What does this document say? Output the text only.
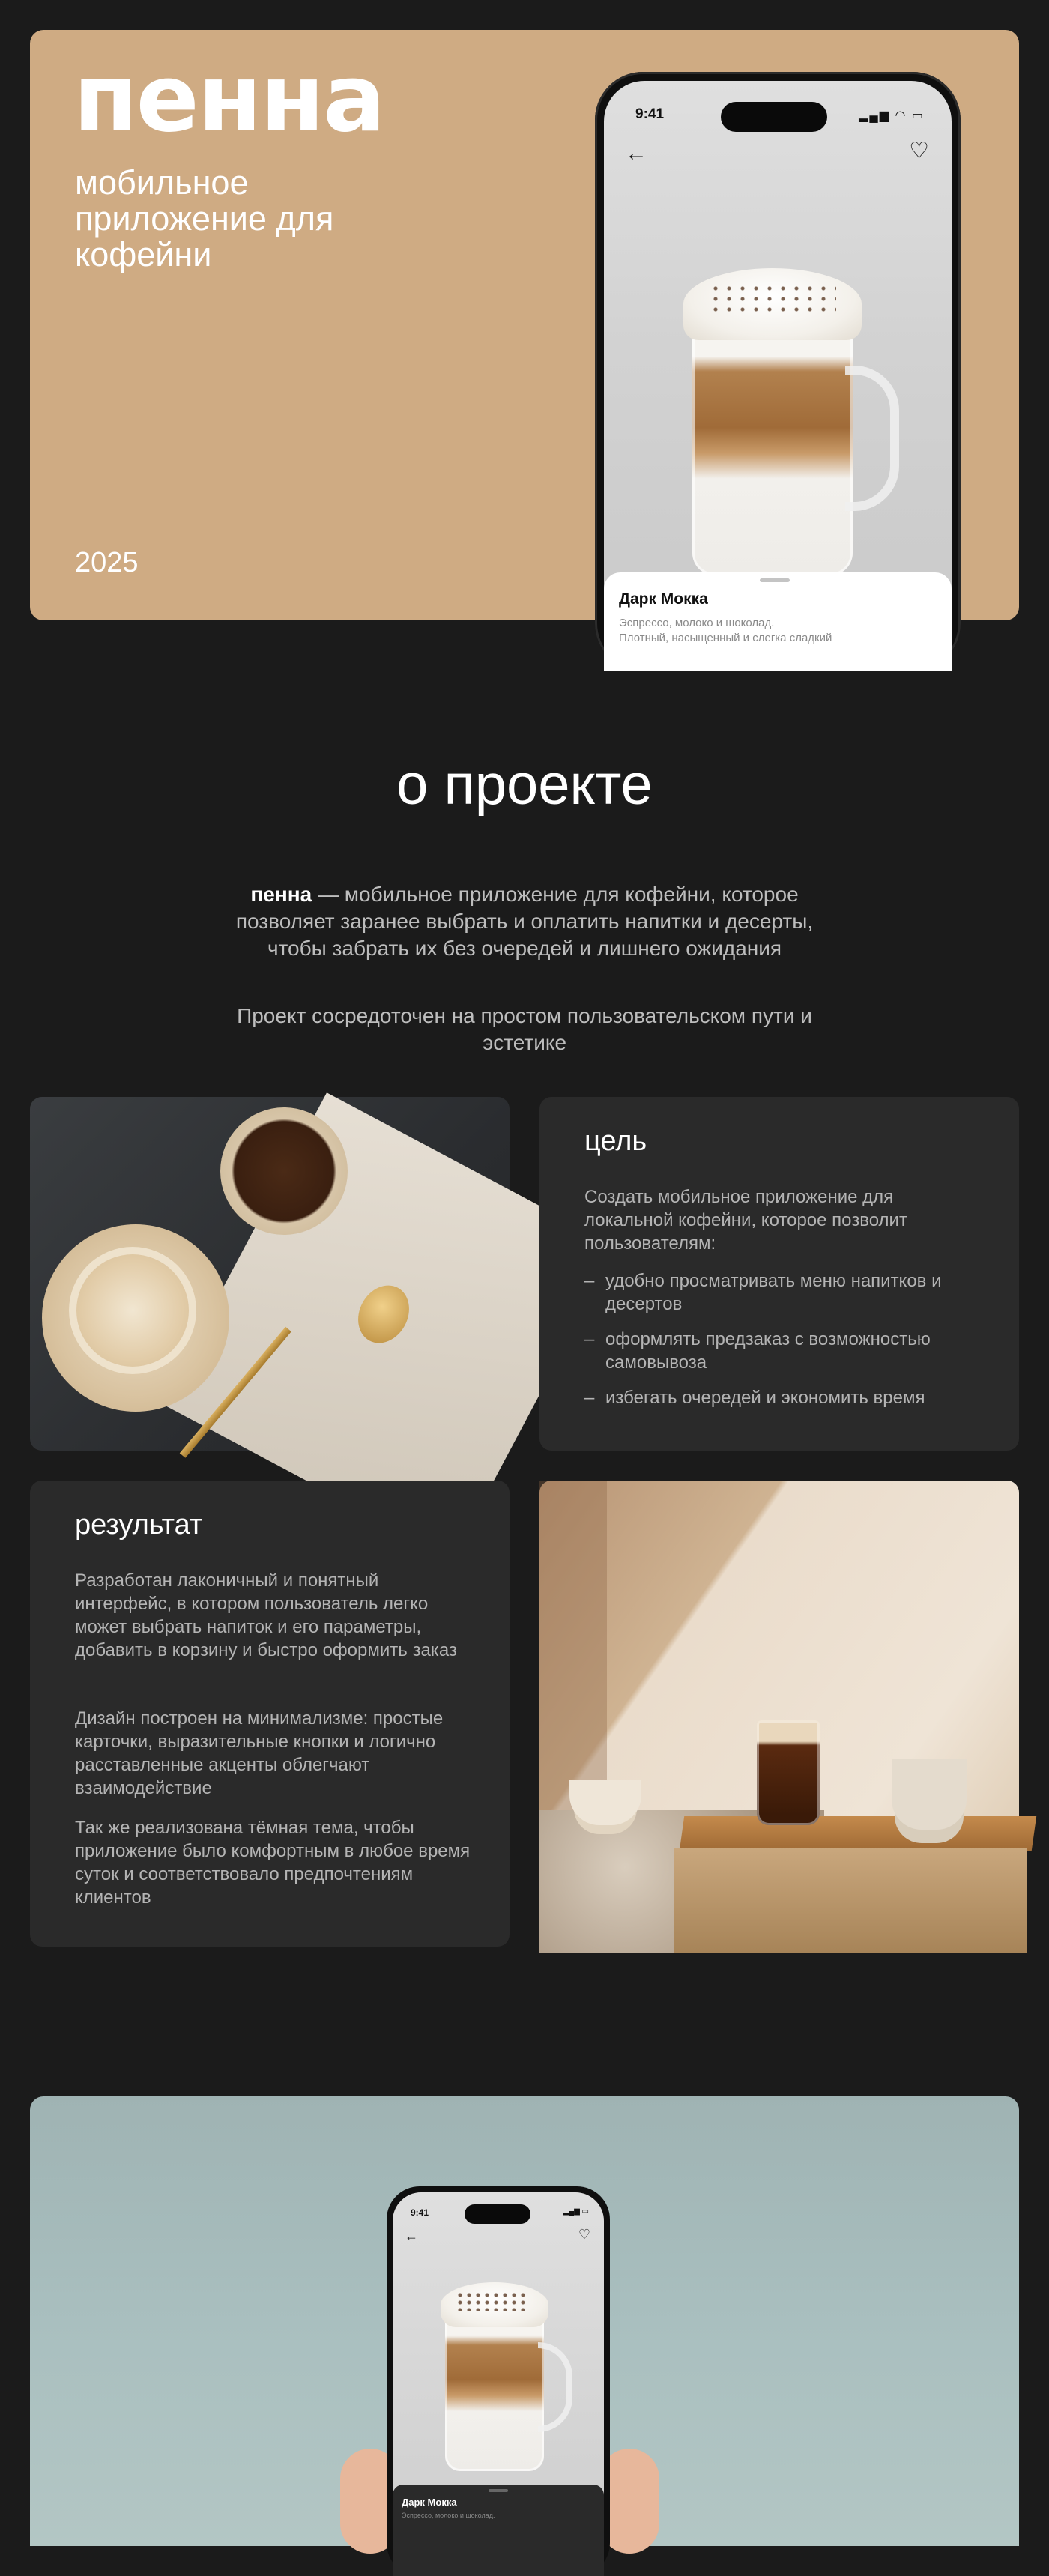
пенна
мобильное приложение для кофейни
2025
9:41	▂▄▆ ◠ ▭
←	♡
Дарк Мокка
Эспрессо, молоко и шоколад.
Плотный, насыщенный и слегка сладкий
о проекте

пенна — мобильное приложение для кофейни, которое позволяет заранее выбрать и оплатить напитки и десерты, чтобы забрать их без очередей и лишнего ожидания

Проект сосредоточен на простом пользовательском пути и эстетике

цель

Создать мобильное приложение для локальной кофейни, которое позволит пользователям:

– удобно просматривать меню напитков и десертов
– оформлять предзаказ с возможностью самовывоза
– избегать очередей и экономить время
результат

Разработан лаконичный и понятный интерфейс, в котором пользователь легко может выбрать напиток и его параметры, добавить в корзину и быстро оформить заказ

Дизайн построен на минимализме: простые карточки, выразительные кнопки и логично расставленные акценты облегчают взаимодействие

Так же реализована тёмная тема, чтобы приложение было комфортным в любое время суток и соответствовало предпочтениям клиентов

9:41	▂▄▆ ▭
←	♡
Дарк Мокка
Эспрессо, молоко и шоколад.
